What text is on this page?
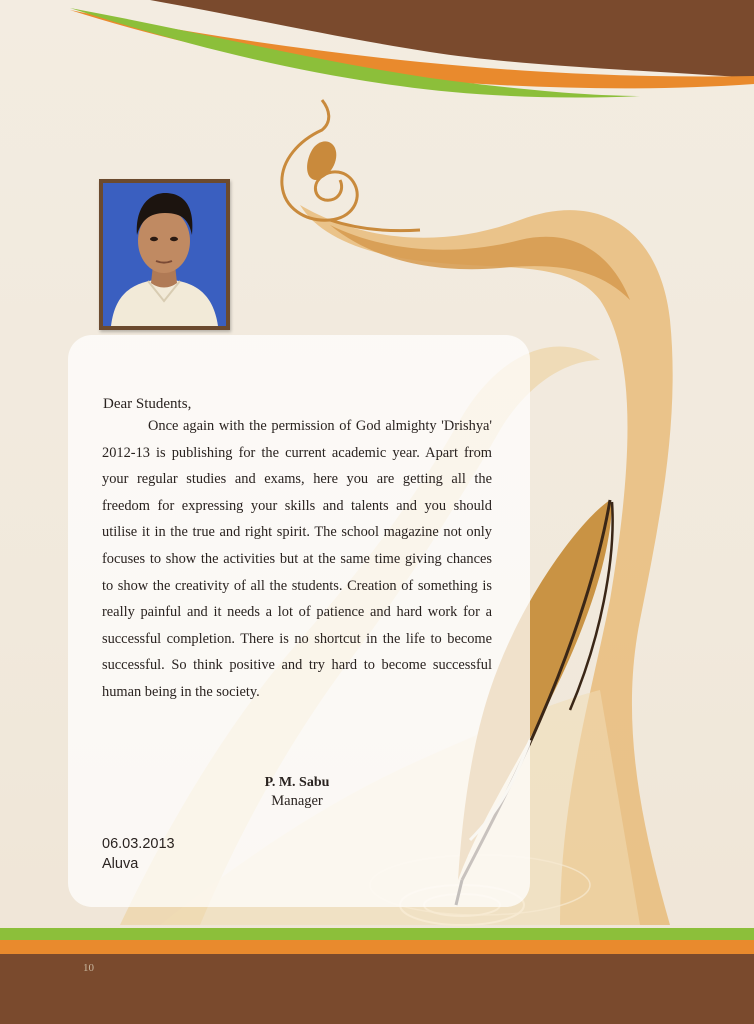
Dear Students,

Once again with the permission of God almighty 'Drishya' 2012-13 is publishing for the current academic year. Apart from your regular studies and exams, here you are getting all the freedom for expressing your skills and talents and you should utilise it in the true and right spirit. The school magazine not only focuses to show the activities but at the same time giving chances to show the creativity of all the students. Creation of something is really painful and it needs a lot of patience and hard work for a successful completion. There is no shortcut in the life to become successful. So think positive and try hard to become successful human being in the society.

P. M. Sabu
Manager
06.03.2013
Aluva
10
